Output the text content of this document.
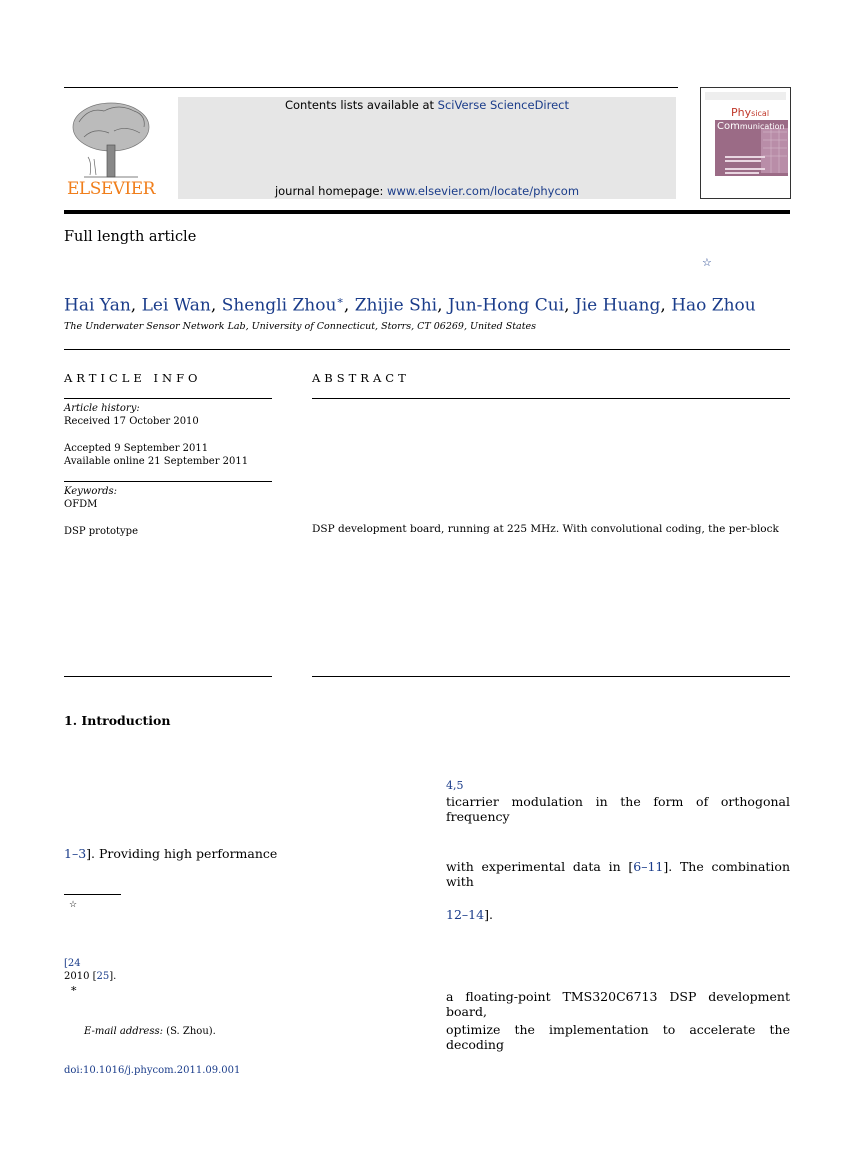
ELSEVIER
Contents lists available at SciVerse ScienceDirect
journal homepage: www.elsevier.com/locate/phycom
Physical
Communication
Full length article
☆
Hai Yan, Lei Wan, Shengli Zhou∗, Zhijie Shi, Jun-Hong Cui, Jie Huang, Hao Zhou
The Underwater Sensor Network Lab, University of Connecticut, Storrs, CT 06269, United States
ARTICLE INFO
Article history:
Received 17 October 2010
Accepted 9 September 2011
Available online 21 September 2011
Keywords:
OFDM
DSP prototype
ABSTRACT
DSP development board, running at 225 MHz. With convolutional coding, the per-block
1. Introduction
1–3]. Providing high performance
4,5
ticarrier modulation in the form of orthogonal frequency
with experimental data in [6–11]. The combination with
12–14].
a floating-point TMS320C6713 DSP development board,
optimize the implementation to accelerate the decoding
☆
[24
2010 [25].
∗
E-mail address: (S. Zhou).
doi:10.1016/j.phycom.2011.09.001
